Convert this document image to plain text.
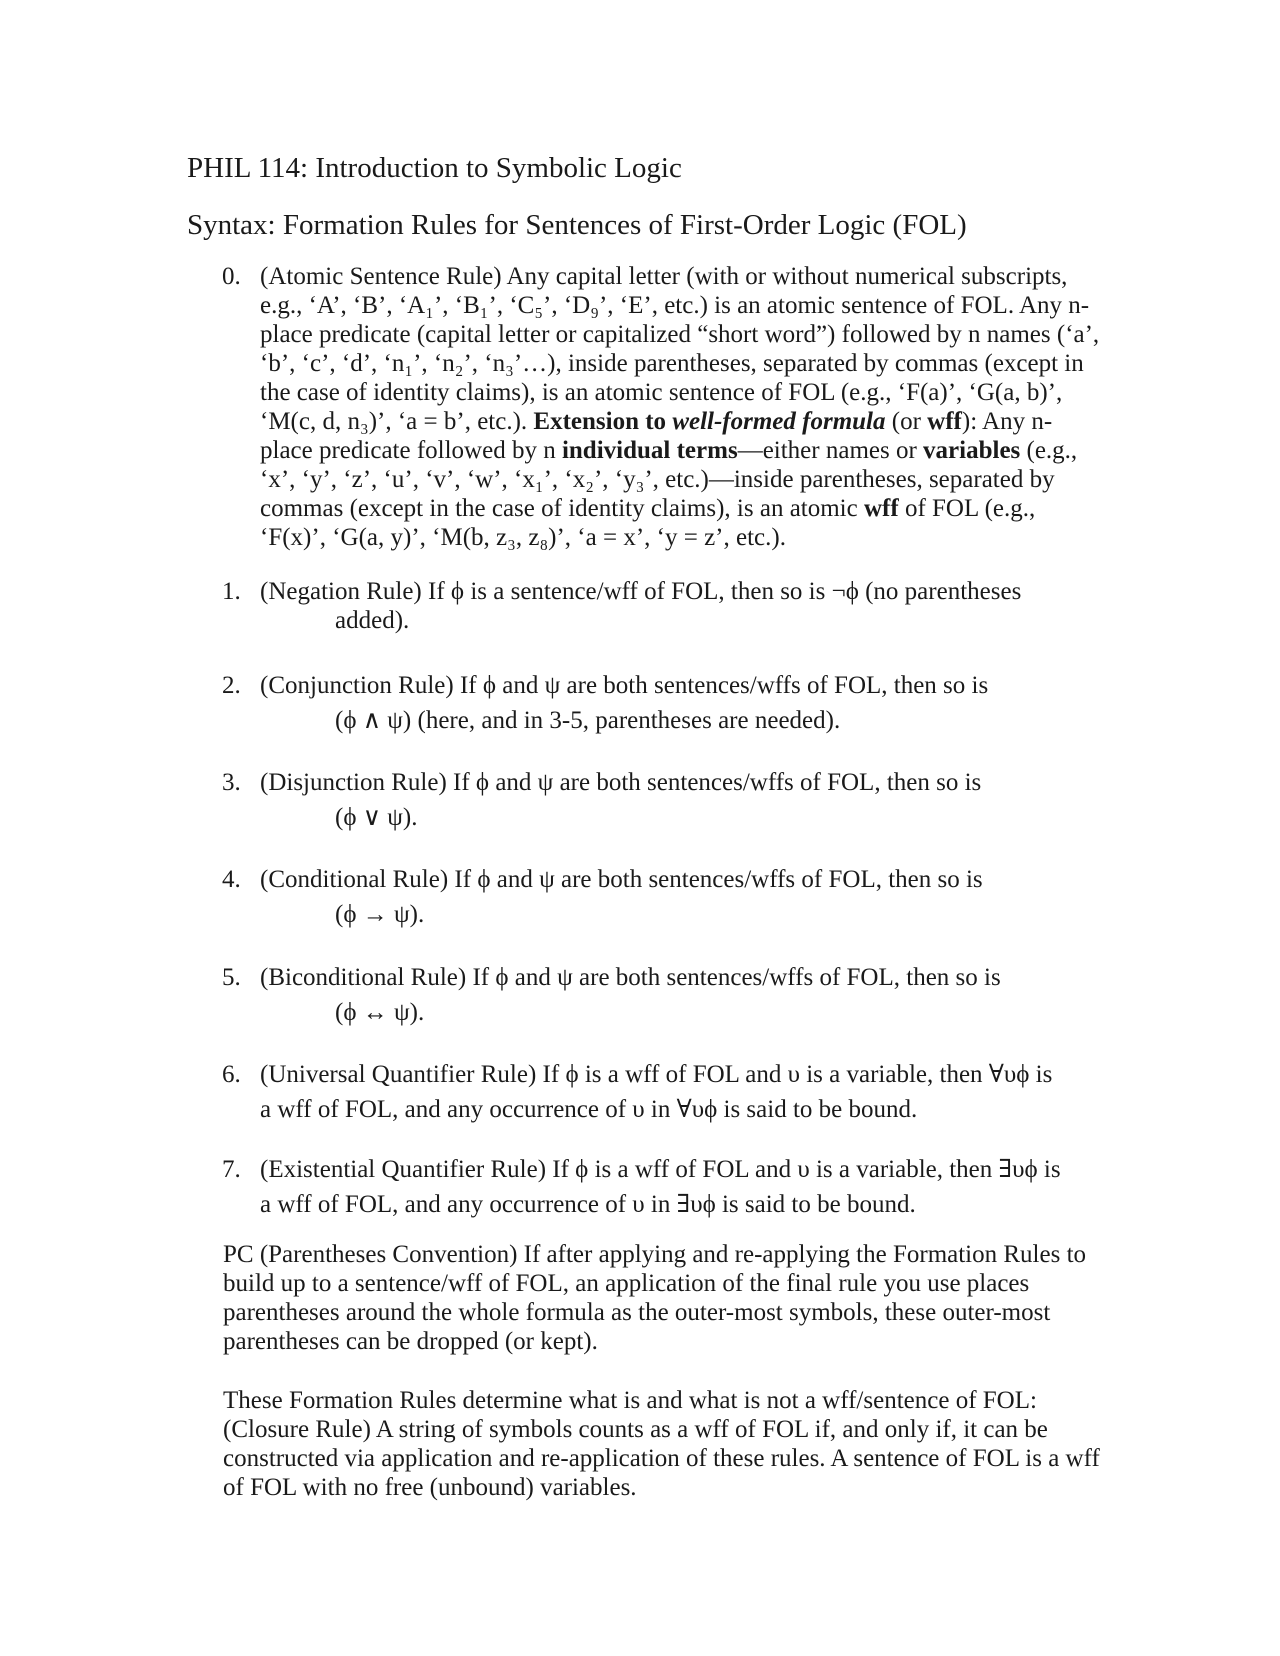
PHIL 114: Introduction to Symbolic Logic
Syntax: Formation Rules for Sentences of First-Order Logic (FOL)
0. (Atomic Sentence Rule) Any capital letter (with or without numerical subscripts, e.g., ‘A’, ‘B’, ‘A₁’, ‘B₁’, ‘C₅’, ‘D₉’, ‘E’, etc.) is an atomic sentence of FOL. Any n-place predicate (capital letter or capitalized “short word”) followed by n names (‘a’, ‘b’, ‘c’, ‘d’, ‘n₁’, ‘n₂’, ‘n₃’…), inside parentheses, separated by commas (except in the case of identity claims), is an atomic sentence of FOL (e.g., ‘F(a)’, ‘G(a, b)’, ‘M(c, d, n₃)’, ‘a = b’, etc.). Extension to well-formed formula (or wff): Any n-place predicate followed by n individual terms—either names or variables (e.g., ‘x’, ‘y’, ‘z’, ‘u’, ‘v’, ‘w’, ‘x₁’, ‘x₂’, ‘y₃’, etc.)—inside parentheses, separated by commas (except in the case of identity claims), is an atomic wff of FOL (e.g., ‘F(x)’, ‘G(a, y)’, ‘M(b, z₃, z₈)’, ‘a = x’, ‘y = z’, etc.).
1. (Negation Rule) If ϕ is a sentence/wff of FOL, then so is ¬ϕ (no parentheses
added).
2. (Conjunction Rule) If ϕ and ψ are both sentences/wffs of FOL, then so is
(ϕ ∧ ψ) (here, and in 3-5, parentheses are needed).
3. (Disjunction Rule) If ϕ and ψ are both sentences/wffs of FOL, then so is
(ϕ ∨ ψ).
4. (Conditional Rule) If ϕ and ψ are both sentences/wffs of FOL, then so is
(ϕ → ψ).
5. (Biconditional Rule) If ϕ and ψ are both sentences/wffs of FOL, then so is
(ϕ ↔ ψ).
6. (Universal Quantifier Rule) If ϕ is a wff of FOL and υ is a variable, then ∀υϕ is
a wff of FOL, and any occurrence of υ in ∀υϕ is said to be bound.
7. (Existential Quantifier Rule) If ϕ is a wff of FOL and υ is a variable, then ∃υϕ is
a wff of FOL, and any occurrence of υ in ∃υϕ is said to be bound.

PC (Parentheses Convention) If after applying and re-applying the Formation Rules to build up to a sentence/wff of FOL, an application of the final rule you use places parentheses around the whole formula as the outer-most symbols, these outer-most parentheses can be dropped (or kept).

These Formation Rules determine what is and what is not a wff/sentence of FOL: (Closure Rule) A string of symbols counts as a wff of FOL if, and only if, it can be constructed via application and re-application of these rules. A sentence of FOL is a wff of FOL with no free (unbound) variables.
